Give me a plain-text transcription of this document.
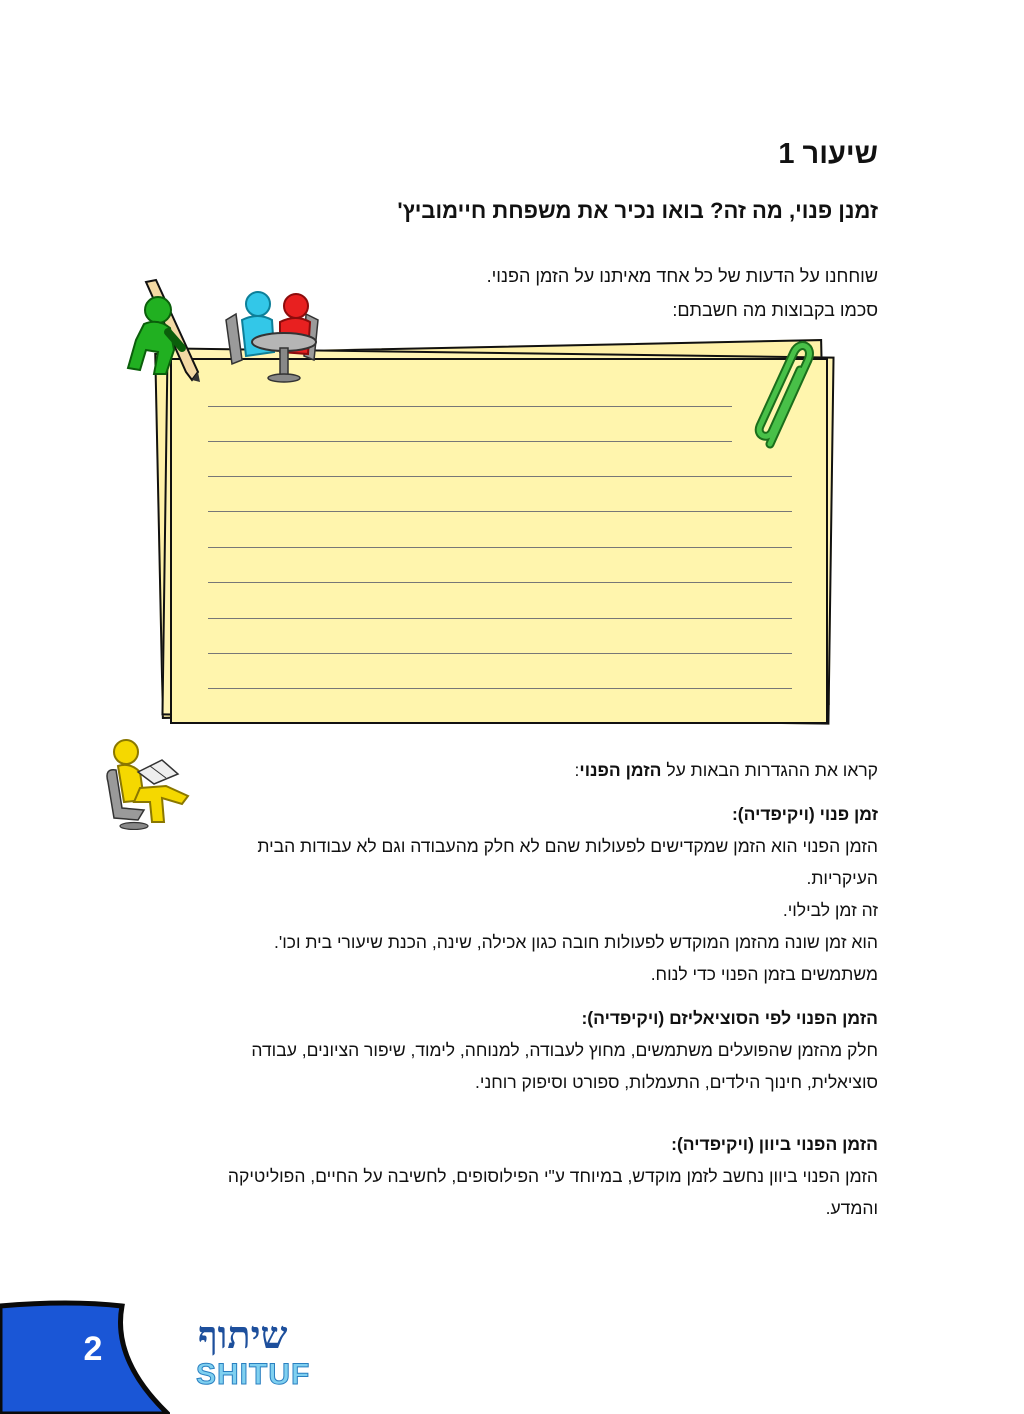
שיעור 1
זמנן פנוי, מה זה? בואו נכיר את משפחת חיימוביץ'

שוחחנו על הדעות של כל אחד מאיתנו על הזמן הפנוי.

סכמו בקבוצות מה חשבתם:

קראו את ההגדרות הבאות על הזמן הפנוי:

זמן פנוי (ויקיפדיה):

הזמן הפנוי הוא הזמן שמקדישים לפעולות שהם לא חלק מהעבודה וגם לא עבודות הבית

העיקריות.

זה זמן לבילוי.

הוא זמן שונה מהזמן המוקדש לפעולות חובה כגון אכילה, שינה, הכנת שיעורי בית וכו'.

משתמשים בזמן הפנוי כדי לנוח.

הזמן הפנוי לפי הסוציאליזם (ויקיפדיה):

חלק מהזמן שהפועלים משתמשים, מחוץ לעבודה, למנוחה, לימוד, שיפור הציונים, עבודה

סוציאלית, חינוך הילדים, התעמלות, ספורט וסיפוק רוחני.

הזמן הפנוי ביוון (ויקיפדיה):

הזמן הפנוי ביוון נחשב לזמן מוקדש, במיוחד ע"י הפילוסופים, לחשיבה על החיים, הפוליטיקה

והמדע.

2	שיתוף
SHITUF
